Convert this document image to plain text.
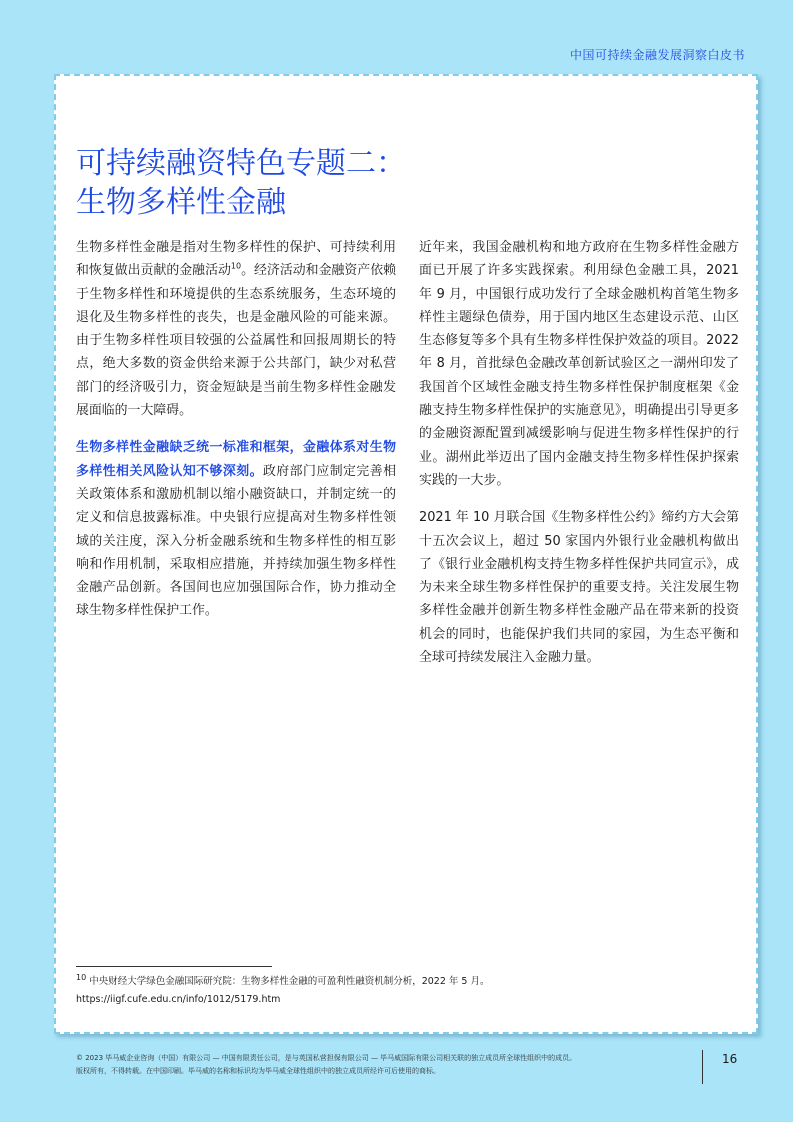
中国可持续金融发展洞察白皮书
可持续融资特色专题二：
生物多样性金融

生物多样性金融是指对生物多样性的保护、可持续利用和恢复做出贡献的金融活动$^{10}$。经济活动和金融资产依赖于生物多样性和环境提供的生态系统服务，生态环境的退化及生物多样性的丧失，也是金融风险的可能来源。由于生物多样性项目较强的公益属性和回报周期长的特点，绝大多数的资金供给来源于公共部门，缺少对私营部门的经济吸引力，资金短缺是当前生物多样性金融发展面临的一大障碍。

生物多样性金融缺乏统一标准和框架，金融体系对生物多样性相关风险认知不够深刻。政府部门应制定完善相关政策体系和激励机制以缩小融资缺口，并制定统一的定义和信息披露标准。中央银行应提高对生物多样性领域的关注度，深入分析金融系统和生物多样性的相互影响和作用机制，采取相应措施，并持续加强生物多样性金融产品创新。各国间也应加强国际合作，协力推动全球生物多样性保护工作。

近年来，我国金融机构和地方政府在生物多样性金融方面已开展了许多实践探索。利用绿色金融工具，2021 年 9 月，中国银行成功发行了全球金融机构首笔生物多样性主题绿色债券，用于国内地区生态建设示范、山区生态修复等多个具有生物多样性保护效益的项目。2022 年 8 月，首批绿色金融改革创新试验区之一湖州印发了我国首个区域性金融支持生物多样性保护制度框架《金融支持生物多样性保护的实施意见》，明确提出引导更多的金融资源配置到减缓影响与促进生物多样性保护的行业。湖州此举迈出了国内金融支持生物多样性保护探索实践的一大步。

2021 年 10 月联合国《生物多样性公约》缔约方大会第十五次会议上，超过 50 家国内外银行业金融机构做出了《银行业金融机构支持生物多样性保护共同宣示》，成为未来全球生物多样性保护的重要支持。关注发展生物多样性金融并创新生物多样性金融产品在带来新的投资机会的同时，也能保护我们共同的家园，为生态平衡和全球可持续发展注入金融力量。

$^{10}$ 中央财经大学绿色金融国际研究院：生物多样性金融的可盈利性融资机制分析，2022 年 5 月。

https://iigf.cufe.edu.cn/info/1012/5179.htm

© 2023 毕马威企业咨询（中国）有限公司 — 中国有限责任公司，是与英国私营担保有限公司 — 毕马威国际有限公司相关联的独立成员所全球性组织中的成员。

版权所有，不得转载。在中国印刷。毕马威的名称和标识均为毕马威全球性组织中的独立成员所经许可后使用的商标。

16
